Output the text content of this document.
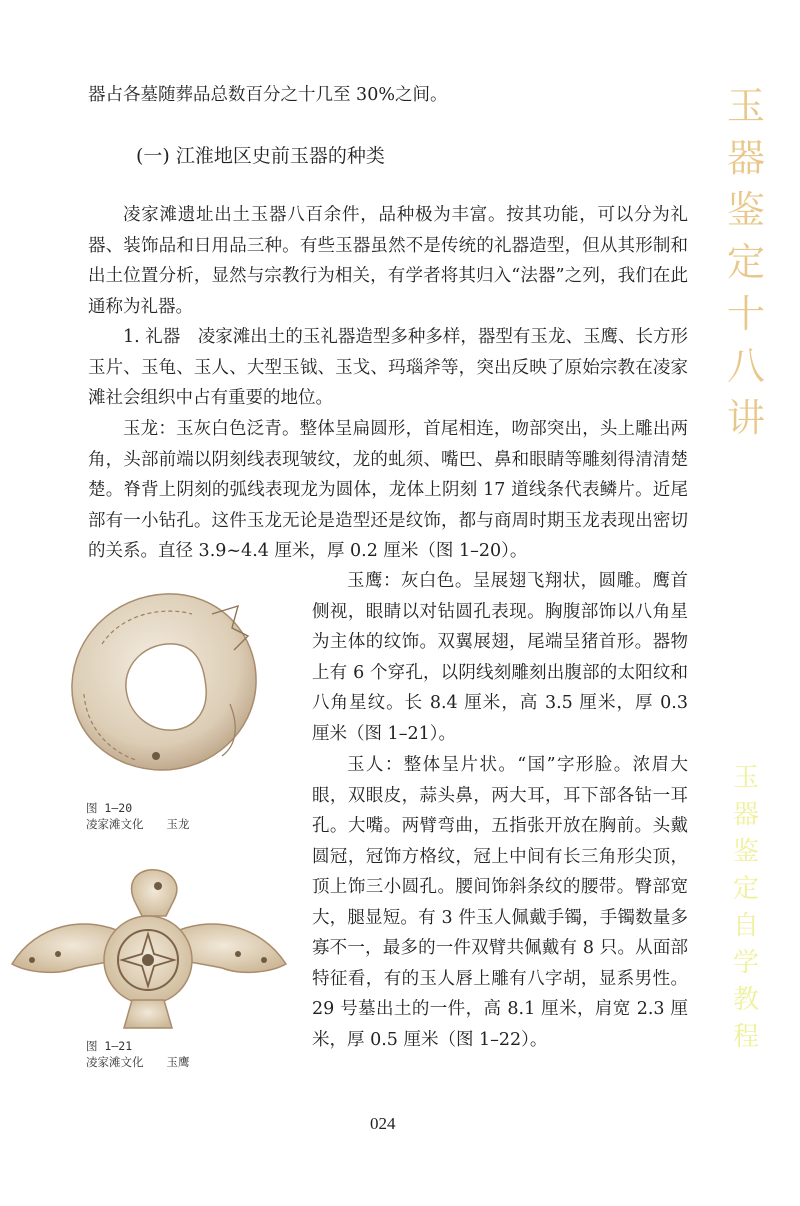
器占各墓随葬品总数百分之十几至 30%之间。
(一) 江淮地区史前玉器的种类
凌家滩遗址出土玉器八百余件，品种极为丰富。按其功能，可以分为礼器、装饰品和日用品三种。有些玉器虽然不是传统的礼器造型，但从其形制和出土位置分析，显然与宗教行为相关，有学者将其归入“法器”之列，我们在此通称为礼器。
1. 礼器　凌家滩出土的玉礼器造型多种多样，器型有玉龙、玉鹰、长方形玉片、玉龟、玉人、大型玉钺、玉戈、玛瑙斧等，突出反映了原始宗教在凌家滩社会组织中占有重要的地位。
玉龙：玉灰白色泛青。整体呈扁圆形，首尾相连，吻部突出，头上雕出两角，头部前端以阴刻线表现皱纹，龙的虬须、嘴巴、鼻和眼睛等雕刻得清清楚楚。脊背上阴刻的弧线表现龙为圆体，龙体上阴刻 17 道线条代表鳞片。近尾部有一小钻孔。这件玉龙无论是造型还是纹饰，都与商周时期玉龙表现出密切的关系。直径 3.9~4.4 厘米，厚 0.2 厘米（图 1–20）。
图 1–20
凌家滩文化　　玉龙
图 1–21
凌家滩文化　　玉鹰
玉鹰：灰白色。呈展翅飞翔状，圆雕。鹰首侧视，眼睛以对钻圆孔表现。胸腹部饰以八角星为主体的纹饰。双翼展翅，尾端呈猪首形。器物上有 6 个穿孔，以阴线刻雕刻出腹部的太阳纹和八角星纹。长 8.4 厘米，高 3.5 厘米，厚 0.3 厘米（图 1–21）。
玉人：整体呈片状。“国”字形脸。浓眉大眼，双眼皮，蒜头鼻，两大耳，耳下部各钻一耳孔。大嘴。两臂弯曲，五指张开放在胸前。头戴圆冠，冠饰方格纹，冠上中间有长三角形尖顶，顶上饰三小圆孔。腰间饰斜条纹的腰带。臀部宽大，腿显短。有 3 件玉人佩戴手镯，手镯数量多寡不一，最多的一件双臂共佩戴有 8 只。从面部特征看，有的玉人唇上雕有八字胡，显系男性。29 号墓出土的一件，高 8.1 厘米，肩宽 2.3 厘米，厚 0.5 厘米（图 1–22）。
024
玉
器
鉴
定
十
八
讲
玉
器
鉴
定
自
学
教
程
